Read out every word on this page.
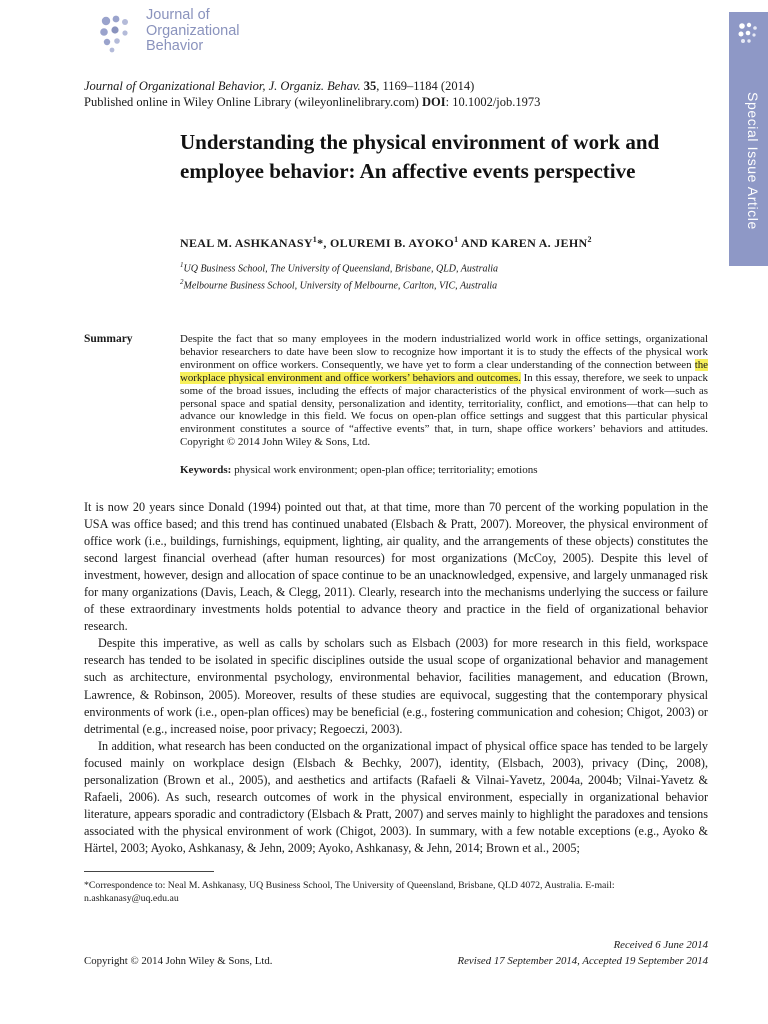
Journal of
Organizational
Behavior
Special Issue Article
Journal of Organizational Behavior, J. Organiz. Behav. 35, 1169–1184 (2014)
Published online in Wiley Online Library (wileyonlinelibrary.com) DOI: 10.1002/job.1973
Understanding the physical environment of work and employee behavior: An affective events perspective
NEAL M. ASHKANASY$^1$*, OLUREMI B. AYOKO$^1$ AND KAREN A. JEHN$^2$
$^1$UQ Business School, The University of Queensland, Brisbane, QLD, Australia
$^2$Melbourne Business School, University of Melbourne, Carlton, VIC, Australia
Summary	Despite the fact that so many employees in the modern industrialized world work in office settings, organizational behavior researchers to date have been slow to recognize how important it is to study the effects of the physical work environment on office workers. Consequently, we have yet to form a clear understanding of the connection between the workplace physical environment and office workers’ behaviors and outcomes. In this essay, therefore, we seek to unpack some of the broad issues, including the effects of major characteristics of the physical environment of work—such as personal space and spatial density, personalization and identity, territoriality, conflict, and emotions—that can help to advance our knowledge in this field. We focus on open-plan office settings and suggest that this particular physical environment constitutes a source of “affective events” that, in turn, shape office workers’ behaviors and attitudes. Copyright © 2014 John Wiley & Sons, Ltd.
Keywords: physical work environment; open-plan office; territoriality; emotions

It is now 20 years since Donald (1994) pointed out that, at that time, more than 70 percent of the working population in the USA was office based; and this trend has continued unabated (Elsbach & Pratt, 2007). Moreover, the physical environment of office work (i.e., buildings, furnishings, equipment, lighting, air quality, and the arrangements of these objects) constitutes the second largest financial overhead (after human resources) for most organizations (McCoy, 2005). Despite this level of investment, however, design and allocation of space continue to be an unacknowledged, expensive, and largely unmanaged risk for many organizations (Davis, Leach, & Clegg, 2011). Clearly, research into the mechanisms underlying the success or failure of these extraordinary investments holds potential to advance theory and practice in the field of organizational behavior research.

Despite this imperative, as well as calls by scholars such as Elsbach (2003) for more research in this field, workspace research has tended to be isolated in specific disciplines outside the usual scope of organizational behavior and management such as architecture, environmental psychology, environmental behavior, facilities management, and education (Brown, Lawrence, & Robinson, 2005). Moreover, results of these studies are equivocal, suggesting that the contemporary physical environments of work (i.e., open-plan offices) may be beneficial (e.g., fostering communication and cohesion; Chigot, 2003) or detrimental (e.g., increased noise, poor privacy; Regoeczi, 2003).

In addition, what research has been conducted on the organizational impact of physical office space has tended to be largely focused mainly on workplace design (Elsbach & Bechky, 2007), identity, (Elsbach, 2003), privacy (Dinç, 2008), personalization (Brown et al., 2005), and aesthetics and artifacts (Rafaeli & Vilnai-Yavetz, 2004a, 2004b; Vilnai-Yavetz & Rafaeli, 2006). As such, research outcomes of work in the physical environment, especially in organizational behavior literature, appears sporadic and contradictory (Elsbach & Pratt, 2007) and serves mainly to highlight the paradoxes and tensions associated with the physical environment of work (Chigot, 2003). In summary, with a few notable exceptions (e.g., Ayoko & Härtel, 2003; Ayoko, Ashkanasy, & Jehn, 2009; Ayoko, Ashkanasy, & Jehn, 2014; Brown et al., 2005;

*Correspondence to: Neal M. Ashkanasy, UQ Business School, The University of Queensland, Brisbane, QLD 4072, Australia. E-mail: n.ashkanasy@uq.edu.au
Received 6 June 2014
Revised 17 September 2014, Accepted 19 September 2014
Copyright © 2014 John Wiley & Sons, Ltd.
